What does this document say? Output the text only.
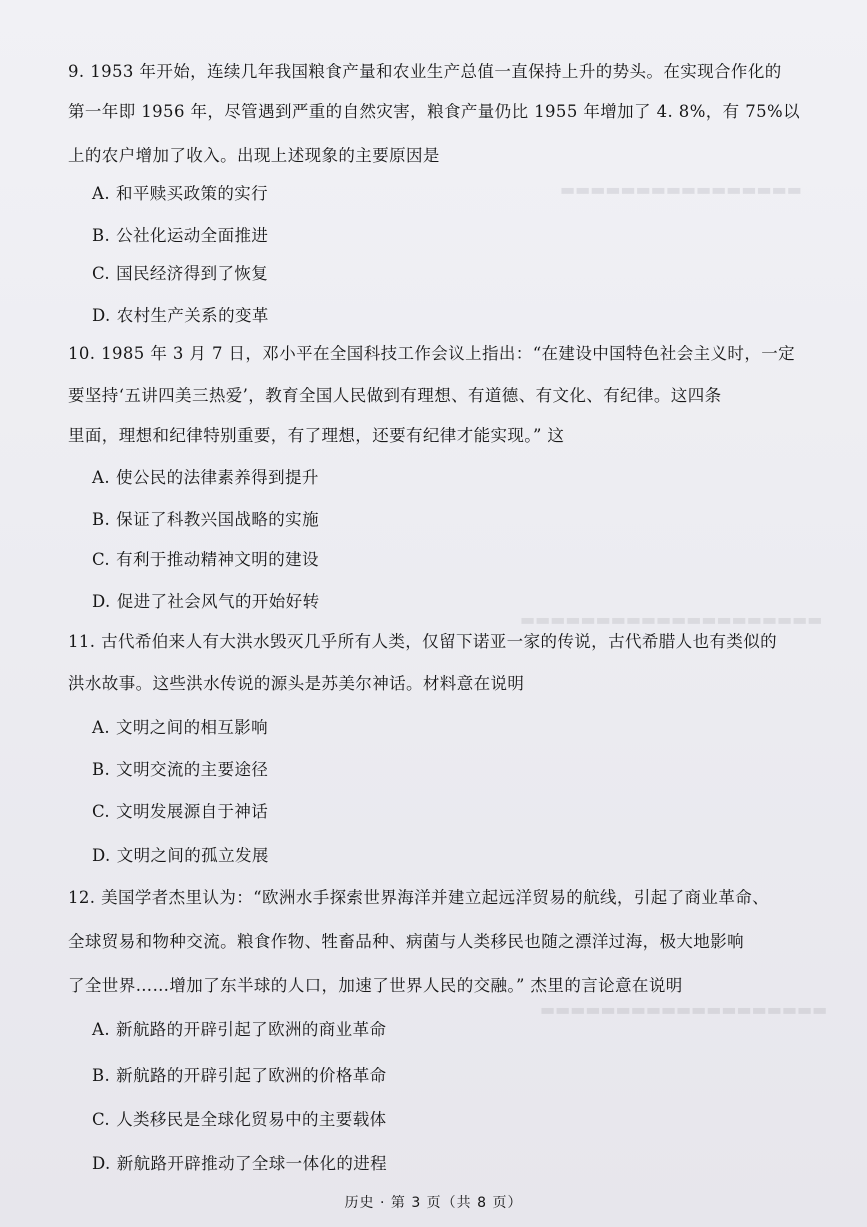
▬▬▬▬▬▬▬▬▬▬▬▬▬▬▬▬
▬▬▬▬▬▬▬▬▬▬▬▬▬▬▬▬▬▬▬▬
▬▬▬▬▬▬▬▬▬▬▬▬▬▬▬▬▬▬▬
9. 1953 年开始，连续几年我国粮食产量和农业生产总值一直保持上升的势头。在实现合作化的
第一年即 1956 年，尽管遇到严重的自然灾害，粮食产量仍比 1955 年增加了 4. 8%，有 75%以
上的农户增加了收入。出现上述现象的主要原因是
A. 和平赎买政策的实行
B. 公社化运动全面推进
C. 国民经济得到了恢复
D. 农村生产关系的变革
10. 1985 年 3 月 7 日，邓小平在全国科技工作会议上指出：“在建设中国特色社会主义时，一定
要坚持‘五讲四美三热爱’，教育全国人民做到有理想、有道德、有文化、有纪律。这四条
里面，理想和纪律特别重要，有了理想，还要有纪律才能实现。” 这
A. 使公民的法律素养得到提升
B. 保证了科教兴国战略的实施
C. 有利于推动精神文明的建设
D. 促进了社会风气的开始好转
11. 古代希伯来人有大洪水毁灭几乎所有人类，仅留下诺亚一家的传说，古代希腊人也有类似的
洪水故事。这些洪水传说的源头是苏美尔神话。材料意在说明
A. 文明之间的相互影响
B. 文明交流的主要途径
C. 文明发展源自于神话
D. 文明之间的孤立发展
12. 美国学者杰里认为：“欧洲水手探索世界海洋并建立起远洋贸易的航线，引起了商业革命、
全球贸易和物种交流。粮食作物、牲畜品种、病菌与人类移民也随之漂洋过海，极大地影响
了全世界……增加了东半球的人口，加速了世界人民的交融。” 杰里的言论意在说明
A. 新航路的开辟引起了欧洲的商业革命
B. 新航路的开辟引起了欧洲的价格革命
C. 人类移民是全球化贸易中的主要载体
D. 新航路开辟推动了全球一体化的进程
历史 · 第 3 页（共 8 页）
